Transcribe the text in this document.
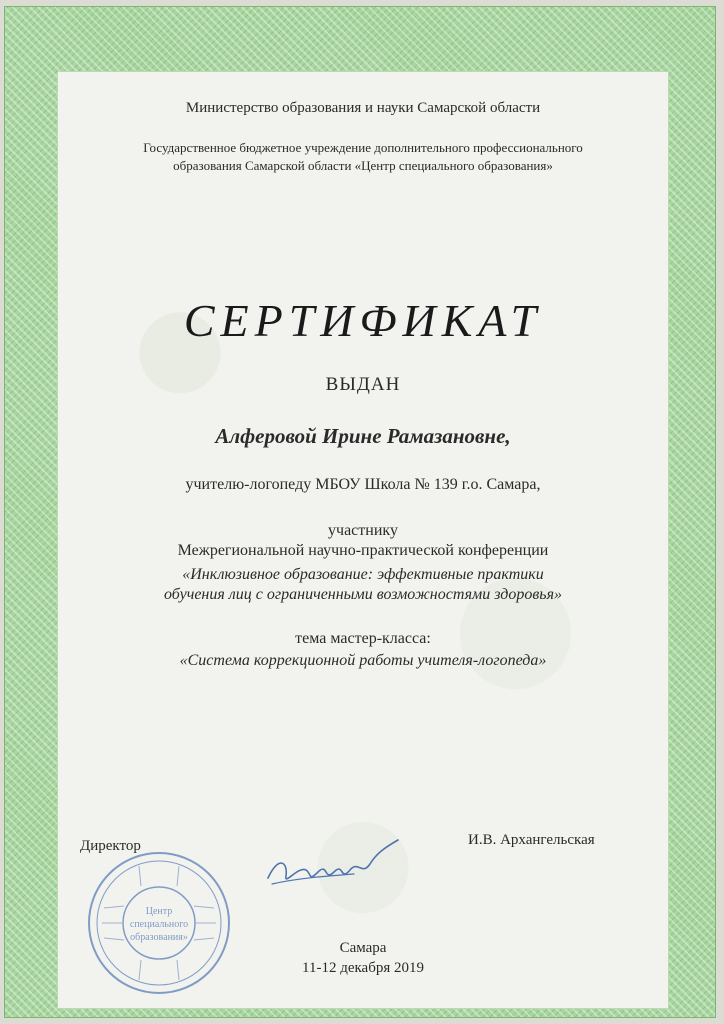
Министерство образования и науки Самарской области
Государственное бюджетное учреждение дополнительного профессионального
образования Самарской области «Центр специального образования»
СЕРТИФИКАТ
ВЫДАН
Алферовой Ирине Рамазановне,
учителю-логопеду МБОУ Школа № 139 г.о. Самара,
участнику
Межрегиональной научно-практической конференции
«Инклюзивное образование: эффективные практики
обучения лиц с ограниченными возможностями здоровья»
тема мастер-класса:
«Система коррекционной работы учителя-логопеда»
Центр
специального
образования»
Директор	И.В. Архангельская
Самара
11-12 декабря 2019
